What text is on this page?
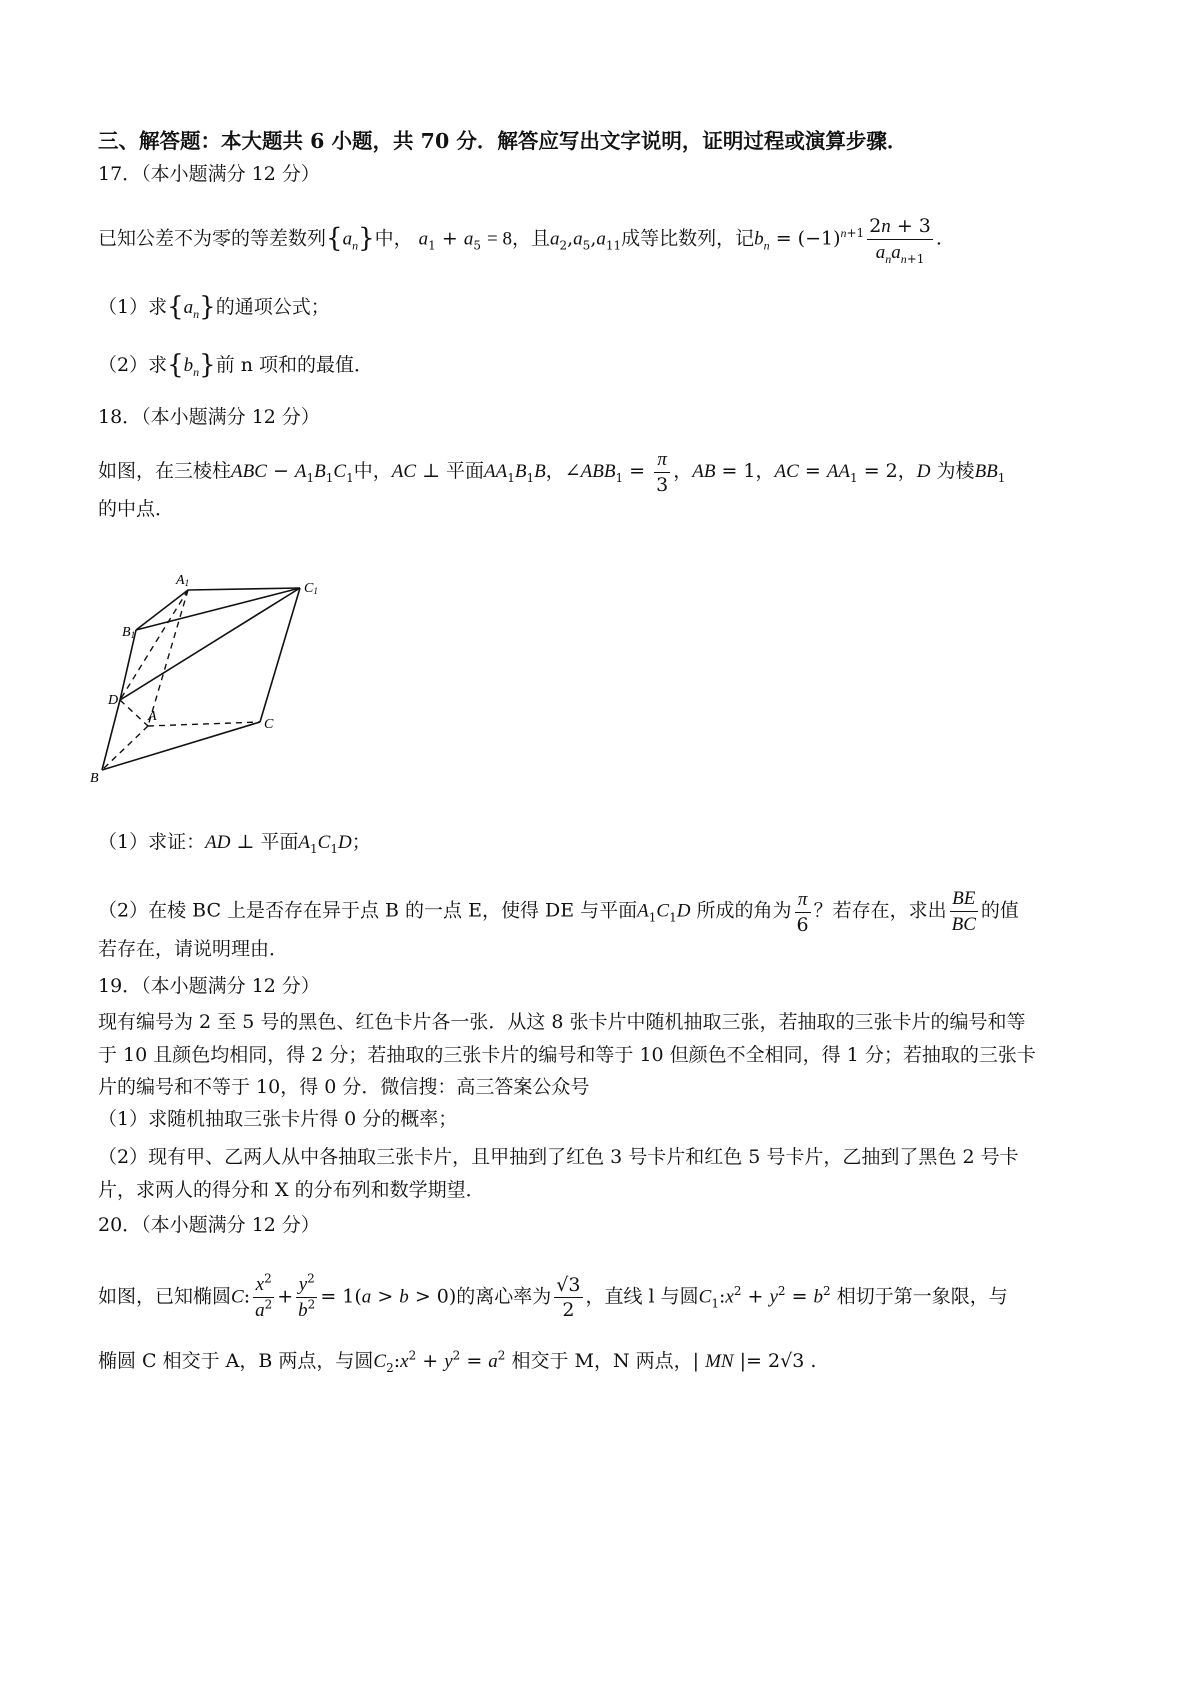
三、解答题：本大题共 6 小题，共 70 分．解答应写出文字说明，证明过程或演算步骤．
17．（本小题满分 12 分）
已知公差不为零的等差数列$\{a_n\}$中， $a_1 + a_5 = 8$，且$a_2,a_5,a_{11}$成等比数列，记$b_n = (-1)^{n+1} \frac{2n + 3}{a_na_{n+1}}$ .
（1）求$\{a_n\}$的通项公式；
（2）求$\{b_n\}$前 n 项和的最值．
18．（本小题满分 12 分）
如图，在三棱柱ABC − $A_1B_1C_1$中，AC ⊥ 平面$AA_1B_1B$，$\angle ABB_1 = \frac{\pi}{3}$ ，AB = 1，AC = $AA_1 = 2$，D 为棱$BB_1$
的中点．
A1	C1
B1
D
A
C
B
（1）求证：AD ⊥ 平面$A_1C_1D$；
（2）在棱 BC 上是否存在异于点 B 的一点 E，使得 DE 与平面$A_1C_1D$ 所成的角为 $\frac{\pi}{6}$ ？若存在，求出 $\frac{BE}{BC}$ 的值
若存在，请说明理由．
19．（本小题满分 12 分）
现有编号为 2 至 5 号的黑色、红色卡片各一张．从这 8 张卡片中随机抽取三张，若抽取的三张卡片的编号和等
于 10 且颜色均相同，得 2 分；若抽取的三张卡片的编号和等于 10 但颜色不全相同，得 1 分；若抽取的三张卡
片的编号和不等于 10，得 0 分．微信搜：高三答案公众号
（1）求随机抽取三张卡片得 0 分的概率；
（2）现有甲、乙两人从中各抽取三张卡片，且甲抽到了红色 3 号卡片和红色 5 号卡片，乙抽到了黑色 2 号卡
片，求两人的得分和 X 的分布列和数学期望．
20．（本小题满分 12 分）
如图，已知椭圆C: $\frac{x^2}{a^2} + \frac{y^2}{b^2} = 1(a > b > 0)$的离心率为 $\frac{√3}{2}$ ，直线 l 与圆$C_1:x^2 + y^2 = b^2$ 相切于第一象限，与
椭圆 C 相交于 A，B 两点，与圆$C_2:x^2 + y^2 = a^2$ 相交于 M，N 两点，| MN |= 2√3 .
